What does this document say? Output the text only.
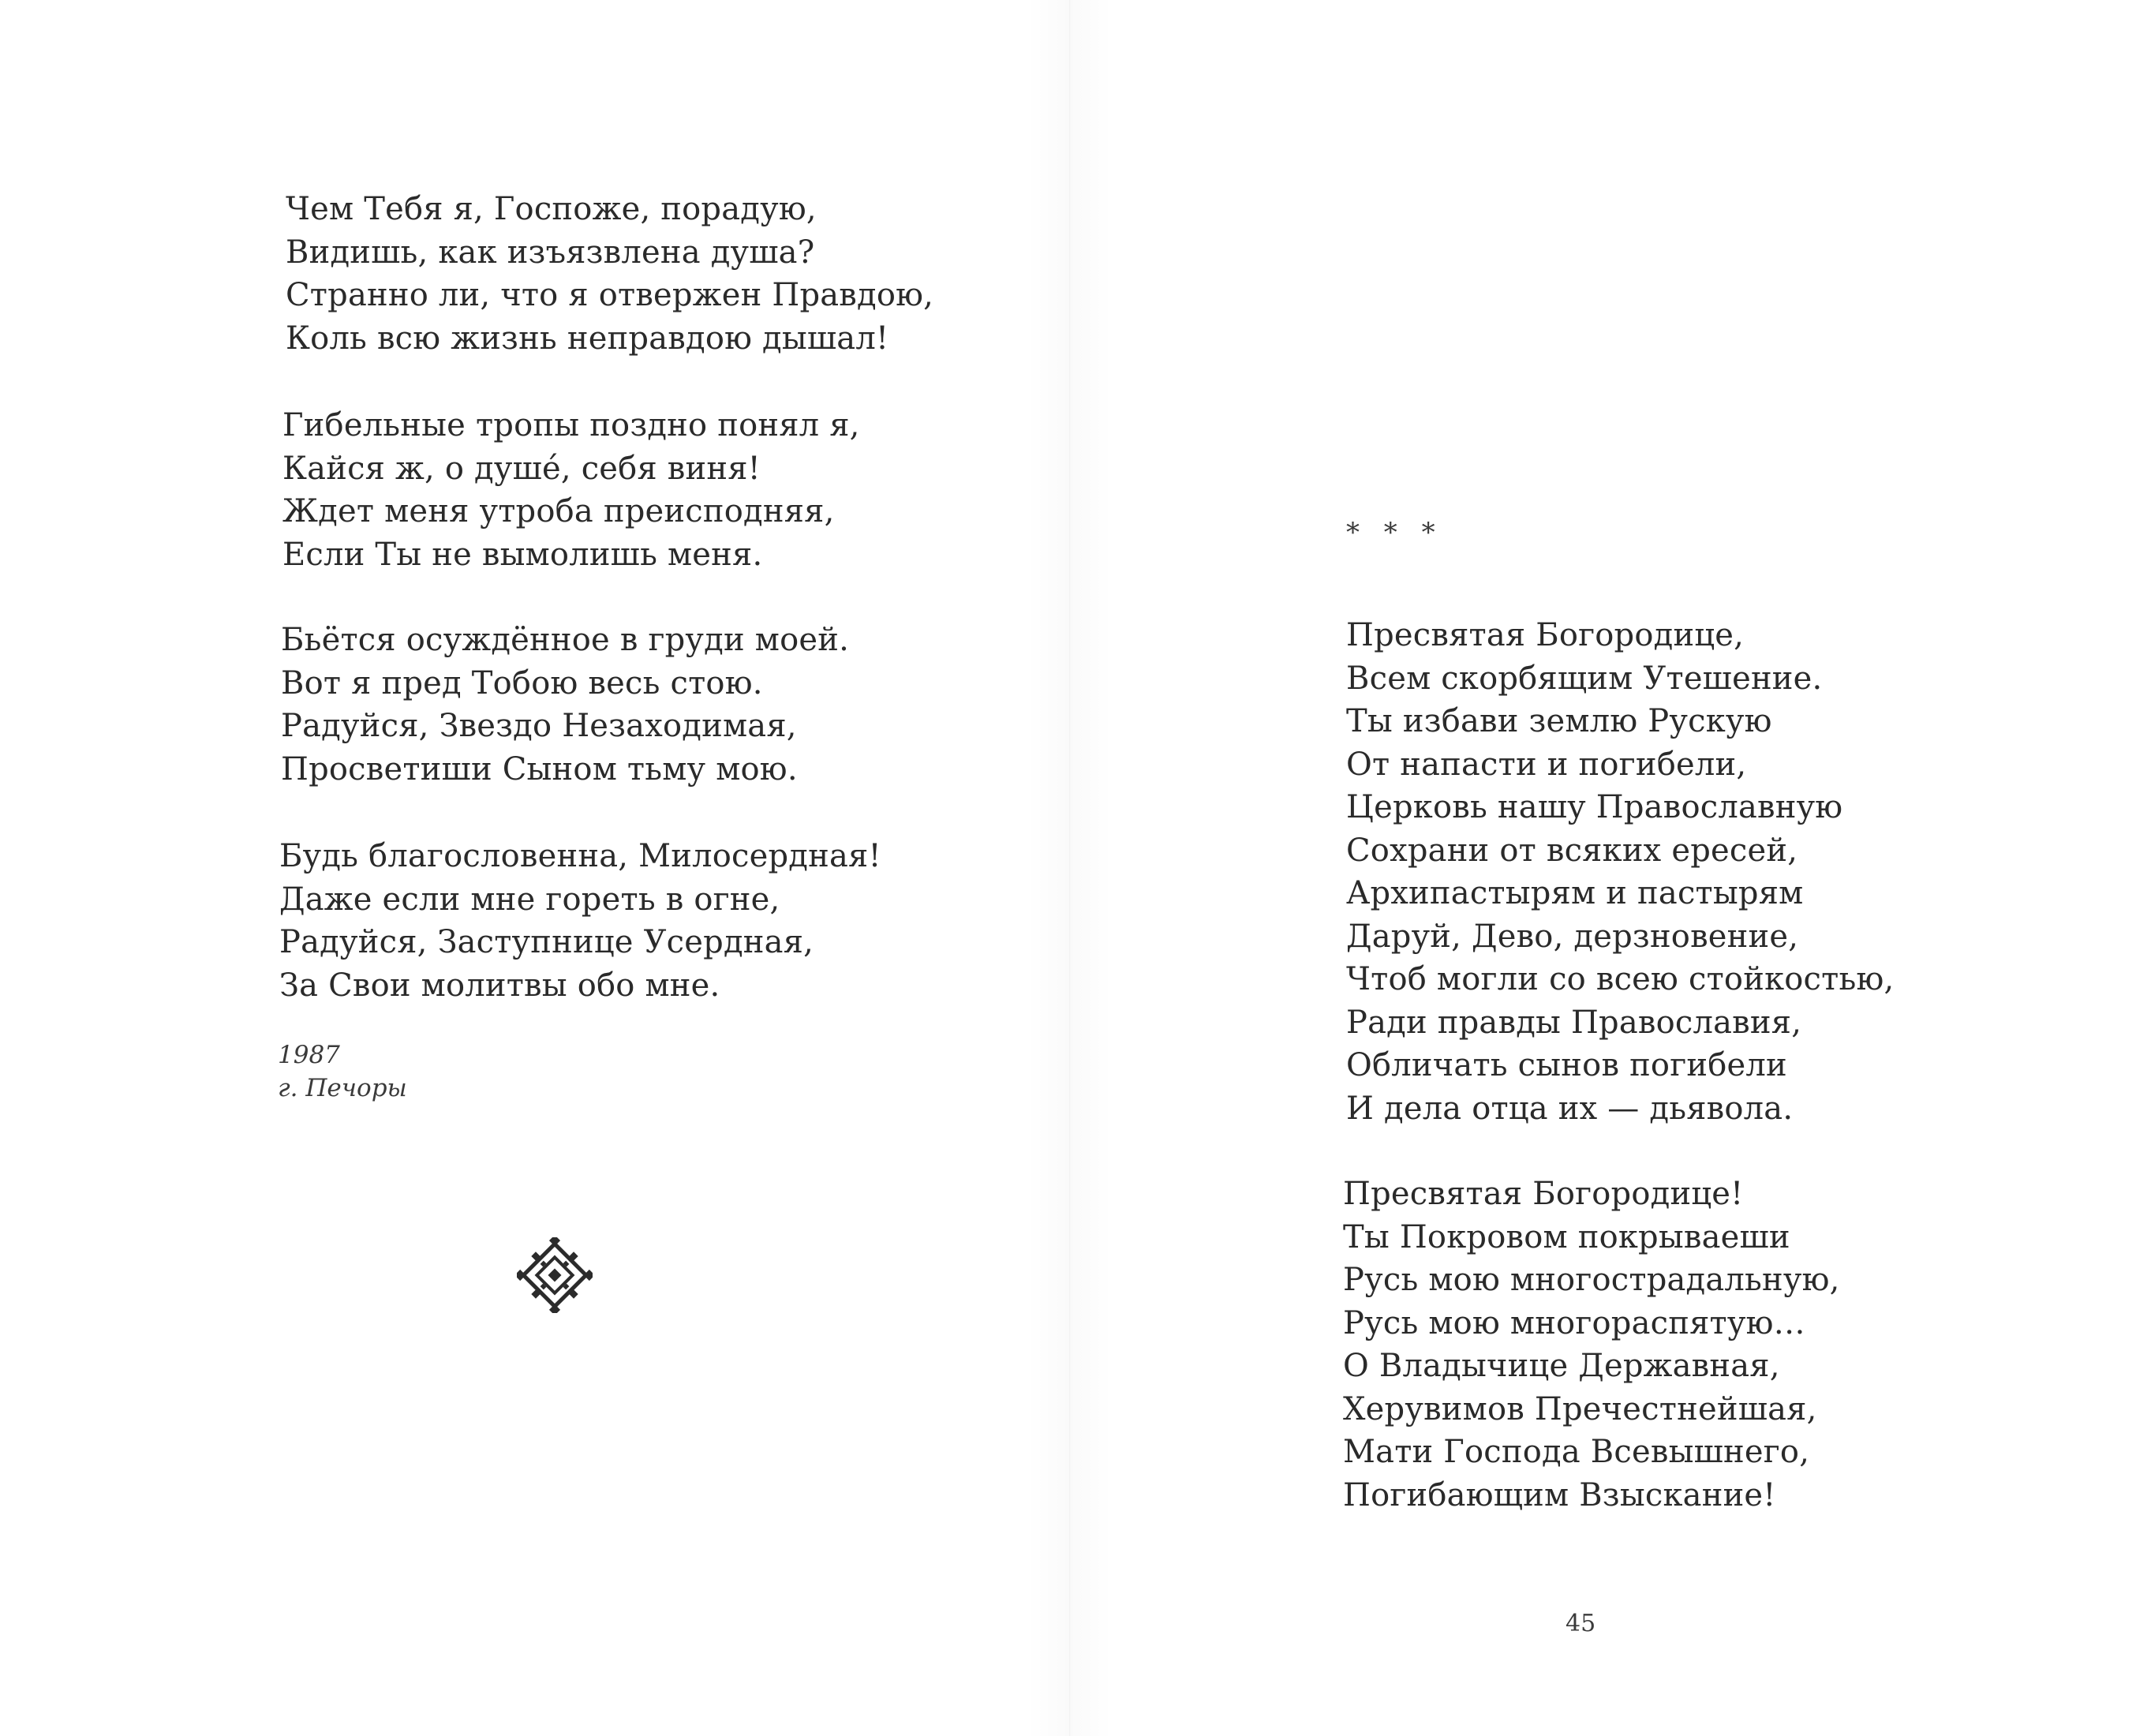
Чем Тебя я, Госпоже, порадую,
Видишь, как изъязвлена душа?
Странно ли, что я отвержен Правдою,
Коль всю жизнь неправдою дышал!
Гибельные тропы поздно понял я,
Кайся ж, о душе́, себя виня!
Ждет меня утроба преисподняя,
Если Ты не вымолишь меня.
Бьётся осуждённое в груди моей.
Вот я пред Тобою весь стою.
Радуйся, Звездо Незаходимая,
Просветиши Сыном тьму мою.
Будь благословенна, Милосердная!
Даже если мне гореть в огне,
Радуйся, Заступнице Усердная,
За Свои молитвы обо мне.
1987
г. Печоры
* * *
Пресвятая Богородице,
Всем скорбящим Утешение.
Ты избави землю Рускую
От напасти и погибели,
Церковь нашу Православную
Сохрани от всяких ересей,
Архипастырям и пастырям
Даруй, Дево, дерзновение,
Чтоб могли со всею стойкостью,
Ради правды Православия,
Обличать сынов погибели
И дела отца их — дьявола.
Пресвятая Богородице!
Ты Покровом покрываеши
Русь мою многострадальную,
Русь мою многораспятую…
О Владычице Державная,
Херувимов Пречестнейшая,
Мати Господа Всевышнего,
Погибающим Взыскание!
45
